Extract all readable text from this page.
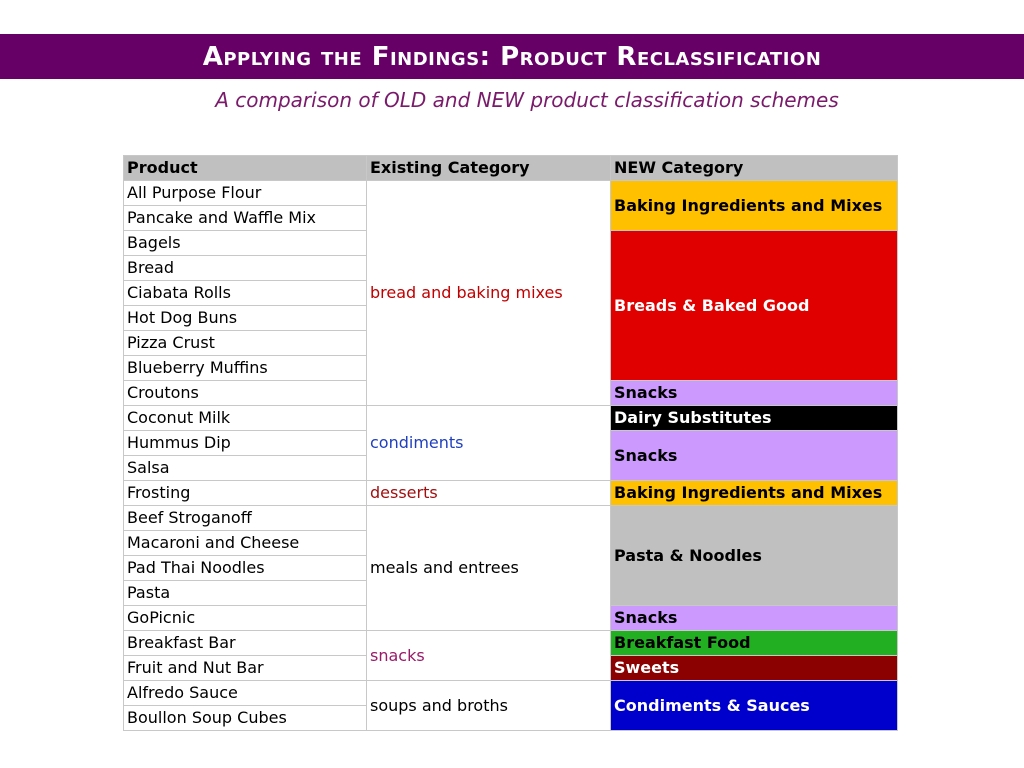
Applying the Findings: Product Reclassification
A comparison of OLD and NEW product classification schemes
Product	Existing Category	NEW Category
All Purpose Flour	bread and baking mixes	Baking Ingredients and Mixes
Pancake and Waffle Mix		
Bagels		Breads & Baked Good
Bread		
Ciabata Rolls		
Hot Dog Buns		
Pizza Crust		
Blueberry Muffins		
Croutons		Snacks
Coconut Milk	condiments	Dairy Substitutes
Hummus Dip		Snacks
Salsa		
Frosting	desserts	Baking Ingredients and Mixes
Beef Stroganoff	meals and entrees	Pasta & Noodles
Macaroni and Cheese		
Pad Thai Noodles		
Pasta		
GoPicnic		Snacks
Breakfast Bar	snacks	Breakfast Food
Fruit and Nut Bar		Sweets
Alfredo Sauce	soups and broths	Condiments & Sauces
Boullon Soup Cubes		
